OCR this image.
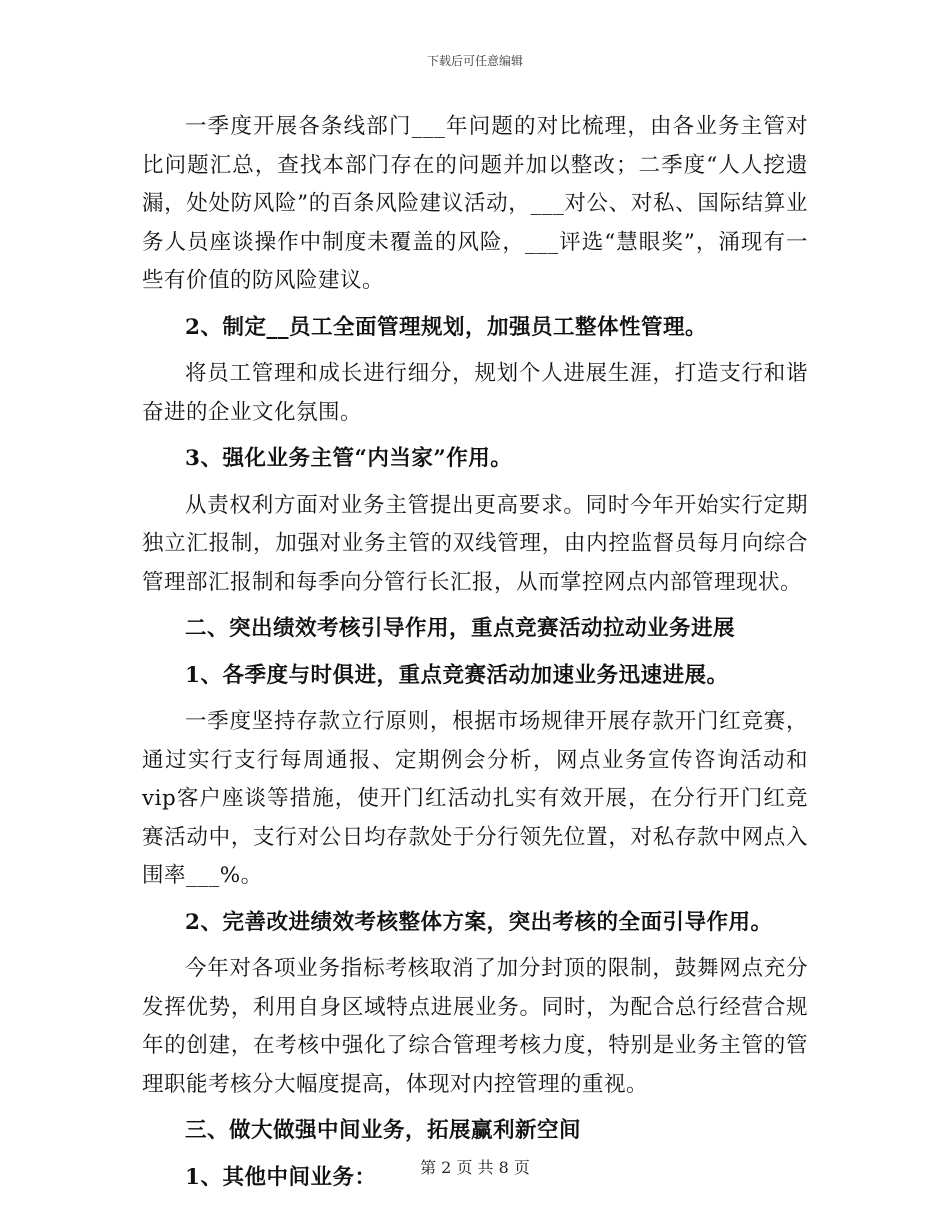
下载后可任意编辑

一季度开展各条线部门___年问题的对比梳理，由各业务主管对比问题汇总，查找本部门存在的问题并加以整改；二季度“人人挖遗漏，处处防风险”的百条风险建议活动，___对公、对私、国际结算业务人员座谈操作中制度未覆盖的风险，___评选“慧眼奖”，涌现有一些有价值的防风险建议。

2、制定__员工全面管理规划，加强员工整体性管理。

将员工管理和成长进行细分，规划个人进展生涯，打造支行和谐奋进的企业文化氛围。

3、强化业务主管“内当家”作用。

从责权利方面对业务主管提出更高要求。同时今年开始实行定期独立汇报制，加强对业务主管的双线管理，由内控监督员每月向综合管理部汇报制和每季向分管行长汇报，从而掌控网点内部管理现状。

二、突出绩效考核引导作用，重点竞赛活动拉动业务进展

1、各季度与时俱进，重点竞赛活动加速业务迅速进展。

一季度坚持存款立行原则，根据市场规律开展存款开门红竞赛，通过实行支行每周通报、定期例会分析，网点业务宣传咨询活动和vip客户座谈等措施，使开门红活动扎实有效开展，在分行开门红竞赛活动中，支行对公日均存款处于分行领先位置，对私存款中网点入围率___%。

2、完善改进绩效考核整体方案，突出考核的全面引导作用。

今年对各项业务指标考核取消了加分封顶的限制，鼓舞网点充分发挥优势，利用自身区域特点进展业务。同时，为配合总行经营合规年的创建，在考核中强化了综合管理考核力度，特别是业务主管的管理职能考核分大幅度提高，体现对内控管理的重视。

三、做大做强中间业务，拓展赢利新空间

1、其他中间业务：	第 2 页 共 8 页
